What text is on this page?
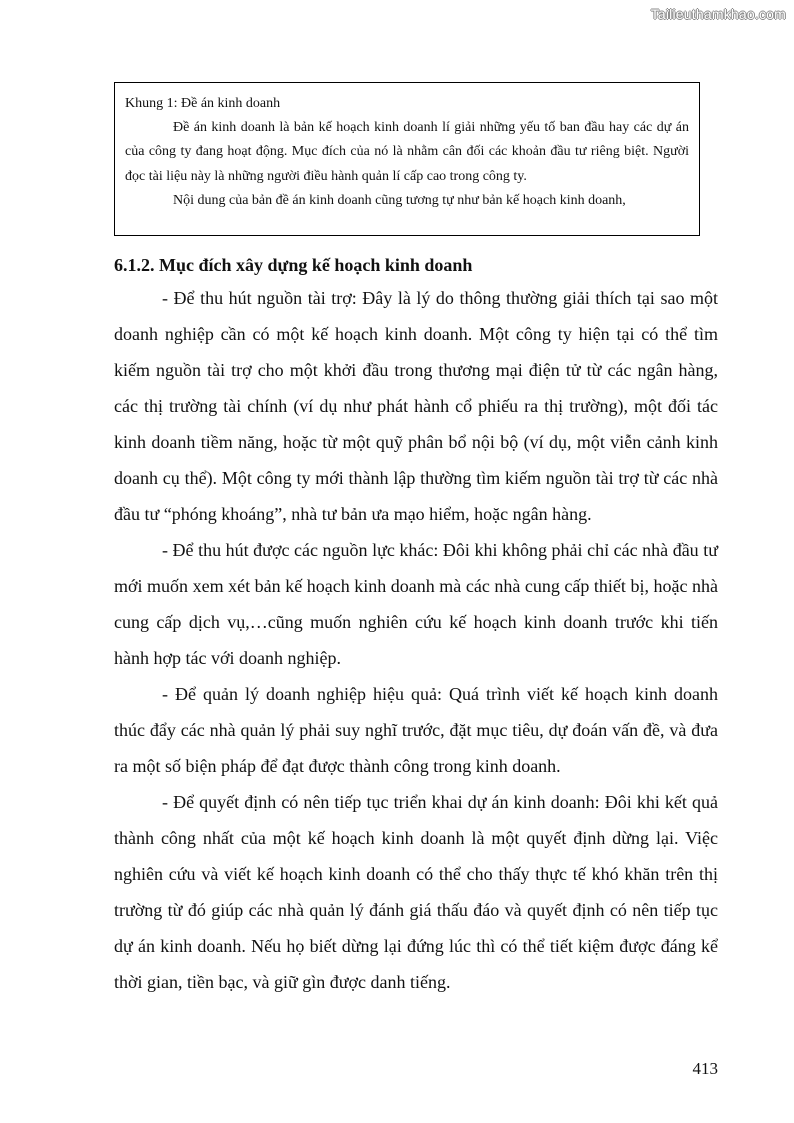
Tailieuthamkhao.com

Khung 1: Đề án kinh doanh

Đề án kinh doanh là bản kế hoạch kinh doanh lí giải những yếu tố ban đầu hay các dự án của công ty đang hoạt động. Mục đích của nó là nhằm cân đối các khoản đầu tư riêng biệt. Người đọc tài liệu này là những người điều hành quản lí cấp cao trong công ty.

Nội dung của bản đề án kinh doanh cũng tương tự như bản kế hoạch kinh doanh,

6.1.2. Mục đích xây dựng kế hoạch kinh doanh

- Để thu hút nguồn tài trợ: Đây là lý do thông thường giải thích tại sao một doanh nghiệp cần có một kế hoạch kinh doanh. Một công ty hiện tại có thể tìm kiếm nguồn tài trợ cho một khởi đầu trong thương mại điện tử từ các ngân hàng, các thị trường tài chính (ví dụ như phát hành cổ phiếu ra thị trường), một đối tác kinh doanh tiềm năng, hoặc từ một quỹ phân bổ nội bộ (ví dụ, một viễn cảnh kinh doanh cụ thể). Một công ty mới thành lập thường tìm kiếm nguồn tài trợ từ các nhà đầu tư “phóng khoáng”, nhà tư bản ưa mạo hiểm, hoặc ngân hàng.

- Để thu hút được các nguồn lực khác: Đôi khi không phải chỉ các nhà đầu tư mới muốn xem xét bản kế hoạch kinh doanh mà các nhà cung cấp thiết bị, hoặc nhà cung cấp dịch vụ,…cũng muốn nghiên cứu kế hoạch kinh doanh trước khi tiến hành hợp tác với doanh nghiệp.

- Để quản lý doanh nghiệp hiệu quả: Quá trình viết kế hoạch kinh doanh thúc đẩy các nhà quản lý phải suy nghĩ trước, đặt mục tiêu, dự đoán vấn đề, và đưa ra một số biện pháp để đạt được thành công trong kinh doanh.

- Để quyết định có nên tiếp tục triển khai dự án kinh doanh: Đôi khi kết quả thành công nhất của một kế hoạch kinh doanh là một quyết định dừng lại. Việc nghiên cứu và viết kế hoạch kinh doanh có thể cho thấy thực tế khó khăn trên thị trường từ đó giúp các nhà quản lý đánh giá thấu đáo và quyết định có nên tiếp tục dự án kinh doanh. Nếu họ biết dừng lại đứng lúc thì có thể tiết kiệm được đáng kể thời gian, tiền bạc, và giữ gìn được danh tiếng.

413
